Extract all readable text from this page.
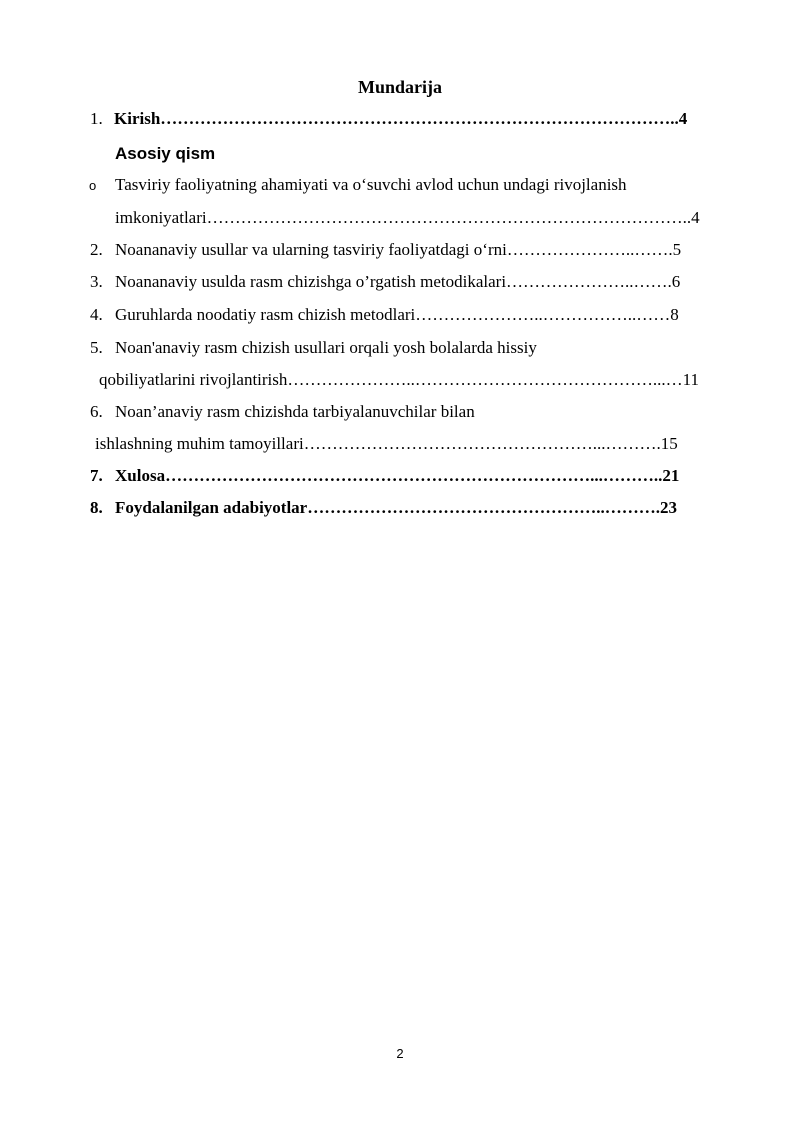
Mundarija
1. Kirish………………………………………………………………………………..4
Asosiy qism
o Tasviriy faoliyatning ahamiyati va o‘suvchi avlod uchun undagi rivojlanish
imkoniyatlari…………………………………………………………………………..4
2. Noananaviy usullar va ularning tasviriy faoliyatdagi o‘rni…………………..…….5
3. Noananaviy usulda rasm chizishga o’rgatish metodikalari…………………..…….6
4. Guruhlarda noodatiy rasm chizish metodlari…………………..……………..……8
5. Noan'anaviy rasm chizish usullari orqali yosh bolalarda hissiy
qobiliyatlarini rivojlantirish…………………..……………………………………...…11
6. Noan’anaviy rasm chizishda tarbiyalanuvchilar bilan
ishlashning muhim tamoyillari……………………………………………...……….15
7. Xulosa…………………………………………………………………...………..21
8. Foydalanilgan adabiyotlar……………………………………………..……….23
2
